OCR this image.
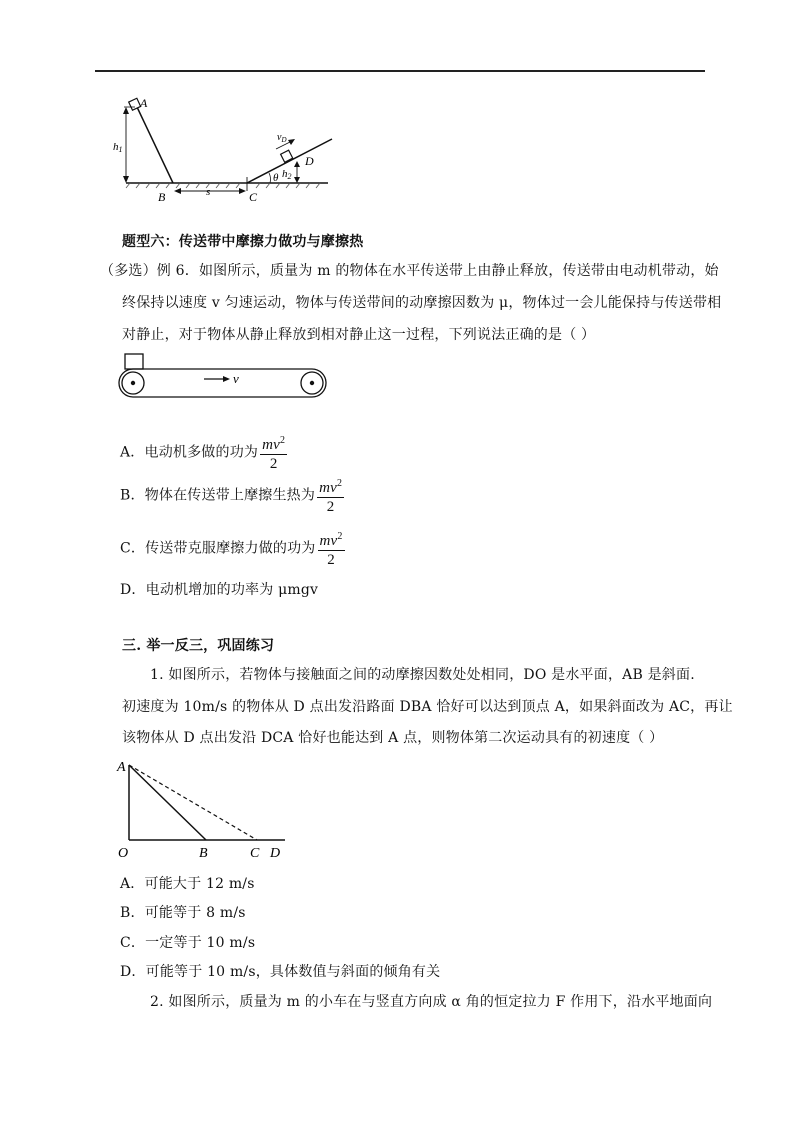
A
h1
B	s	C
$v_D$
D
θ h2
题型六：传送带中摩擦力做功与摩擦热
（多选）例 6．如图所示，质量为 m 的物体在水平传送带上由静止释放，传送带由电动机带动，始
终保持以速度 v 匀速运动，物体与传送带间的动摩擦因数为 μ，物体过一会儿能保持与传送带相
对静止，对于物体从静止释放到相对静止这一过程，下列说法正确的是（ ）
v
A．电动机多做的功为 $\frac{mv^2}{2}$
B．物体在传送带上摩擦生热为 $\frac{mv^2}{2}$
C．传送带克服摩擦力做的功为 $\frac{mv^2}{2}$
D．电动机增加的功率为 μmgv
三. 举一反三，巩固练习
1. 如图所示，若物体与接触面之间的动摩擦因数处处相同，DO 是水平面，AB 是斜面.
初速度为 10m/s 的物体从 D 点出发沿路面 DBA 恰好可以达到顶点 A，如果斜面改为 AC，再让
该物体从 D 点出发沿 DCA 恰好也能达到 A 点，则物体第二次运动具有的初速度（ ）
A
O	B	C D
A．可能大于 12 m/s
B．可能等于 8 m/s
C．一定等于 10 m/s
D．可能等于 10 m/s，具体数值与斜面的倾角有关
2. 如图所示，质量为 m 的小车在与竖直方向成 α 角的恒定拉力 F 作用下，沿水平地面向
